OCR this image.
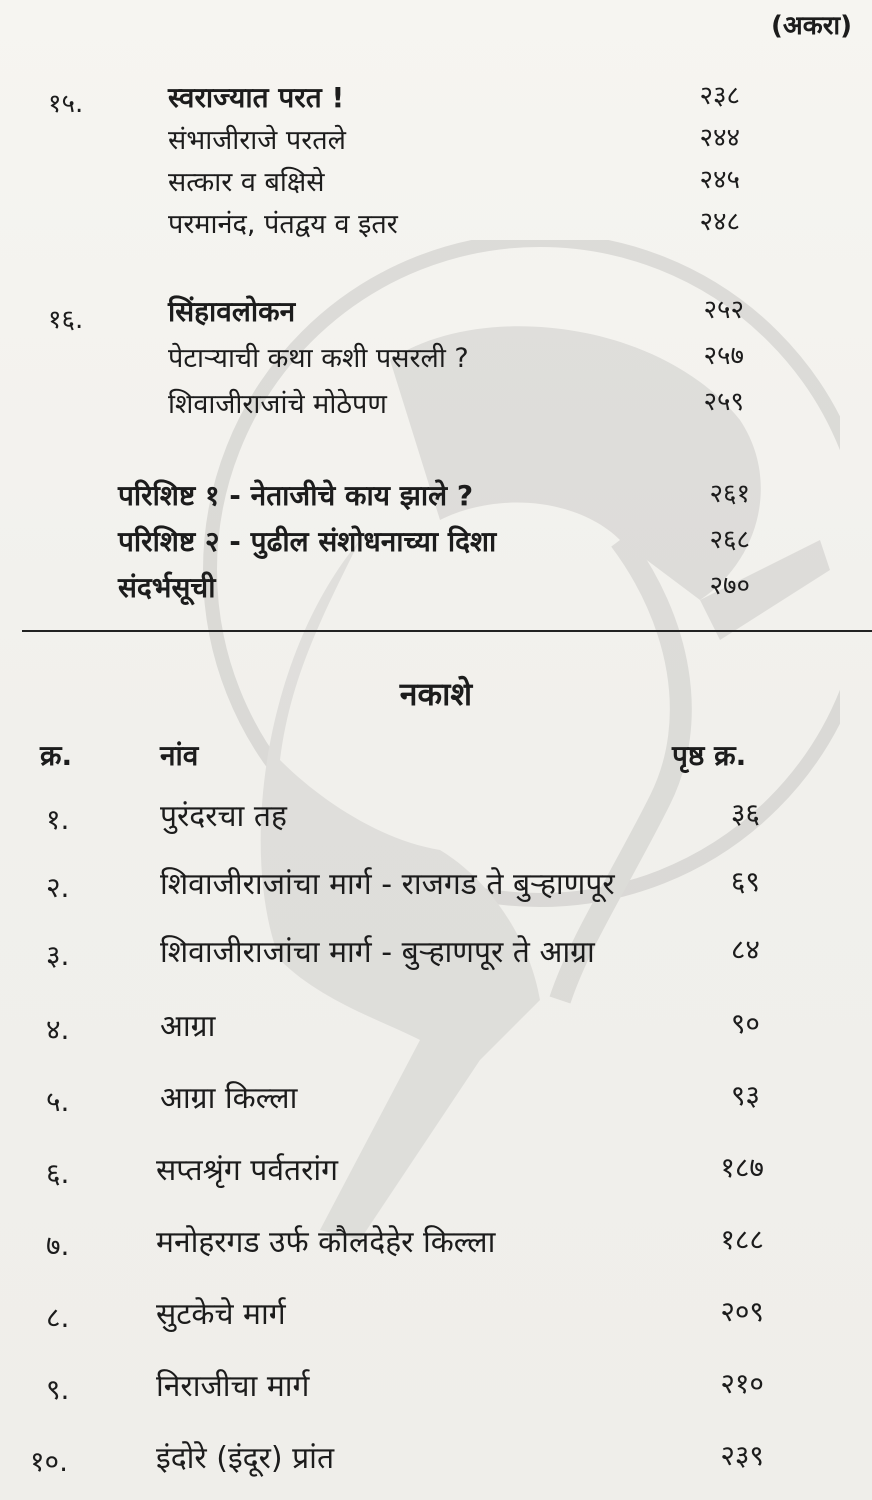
(अकरा)
१५.	स्वराज्यात परत !	२३८
संभाजीराजे परतले	२४४
सत्कार व बक्षिसे	२४५
परमानंद, पंतद्वय व इतर	२४८
१६.	सिंहावलोकन	२५२
पेटाऱ्याची कथा कशी पसरली ?	२५७
शिवाजीराजांचे मोठेपण	२५९
परिशिष्ट १ - नेताजीचे काय झाले ?	२६१
परिशिष्ट २ - पुढील संशोधनाच्या दिशा	२६८
संदर्भसूची	२७०
नकाशे
क्र.	नांव	पृष्ठ क्र.
१.	पुरंदरचा तह	३६
२.	शिवाजीराजांचा मार्ग - राजगड ते बुऱ्हाणपूर	६९
३.	शिवाजीराजांचा मार्ग - बुऱ्हाणपूर ते आग्रा	८४
४.	आग्रा	९०
५.	आग्रा किल्ला	९३
६.	सप्तश्रृंग पर्वतरांग	१८७
७.	मनोहरगड उर्फ कौलदेहेर किल्ला	१८८
८.	सुटकेचे मार्ग	२०९
९.	निराजीचा मार्ग	२१०
१०.	इंदोरे (इंदूर) प्रांत	२३९
